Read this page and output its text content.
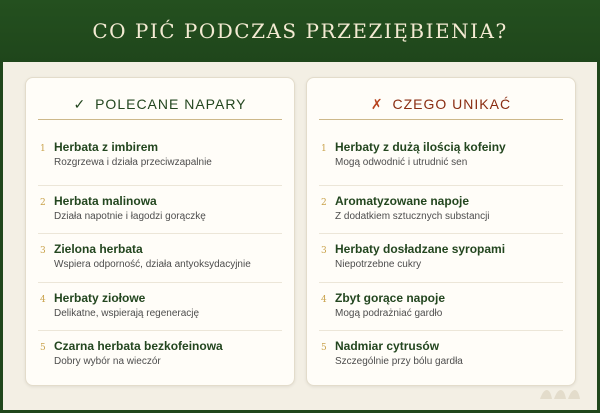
CO PIĆ PODCZAS PRZEZIĘBIENIA?
✓ POLECANE NAPARY
1 Herbata z imbirem
Rozgrzewa i działa przeciwzapalnie
2 Herbata malinowa
Działa napotnie i łagodzi gorączkę
3 Zielona herbata
Wspiera odporność, działa antyoksydacyjnie
4 Herbaty ziołowe
Delikatne, wspierają regenerację
5 Czarna herbata bezkofeinowa
Dobry wybór na wieczór
✗ CZEGO UNIKAĆ
1 Herbaty z dużą ilością kofeiny
Mogą odwodnić i utrudnić sen
2 Aromatyzowane napoje
Z dodatkiem sztucznych substancji
3 Herbaty dosładzane syropami
Niepotrzebne cukry
4 Zbyt gorące napoje
Mogą podrażniać gardło
5 Nadmiar cytrusów
Szczególnie przy bólu gardła
